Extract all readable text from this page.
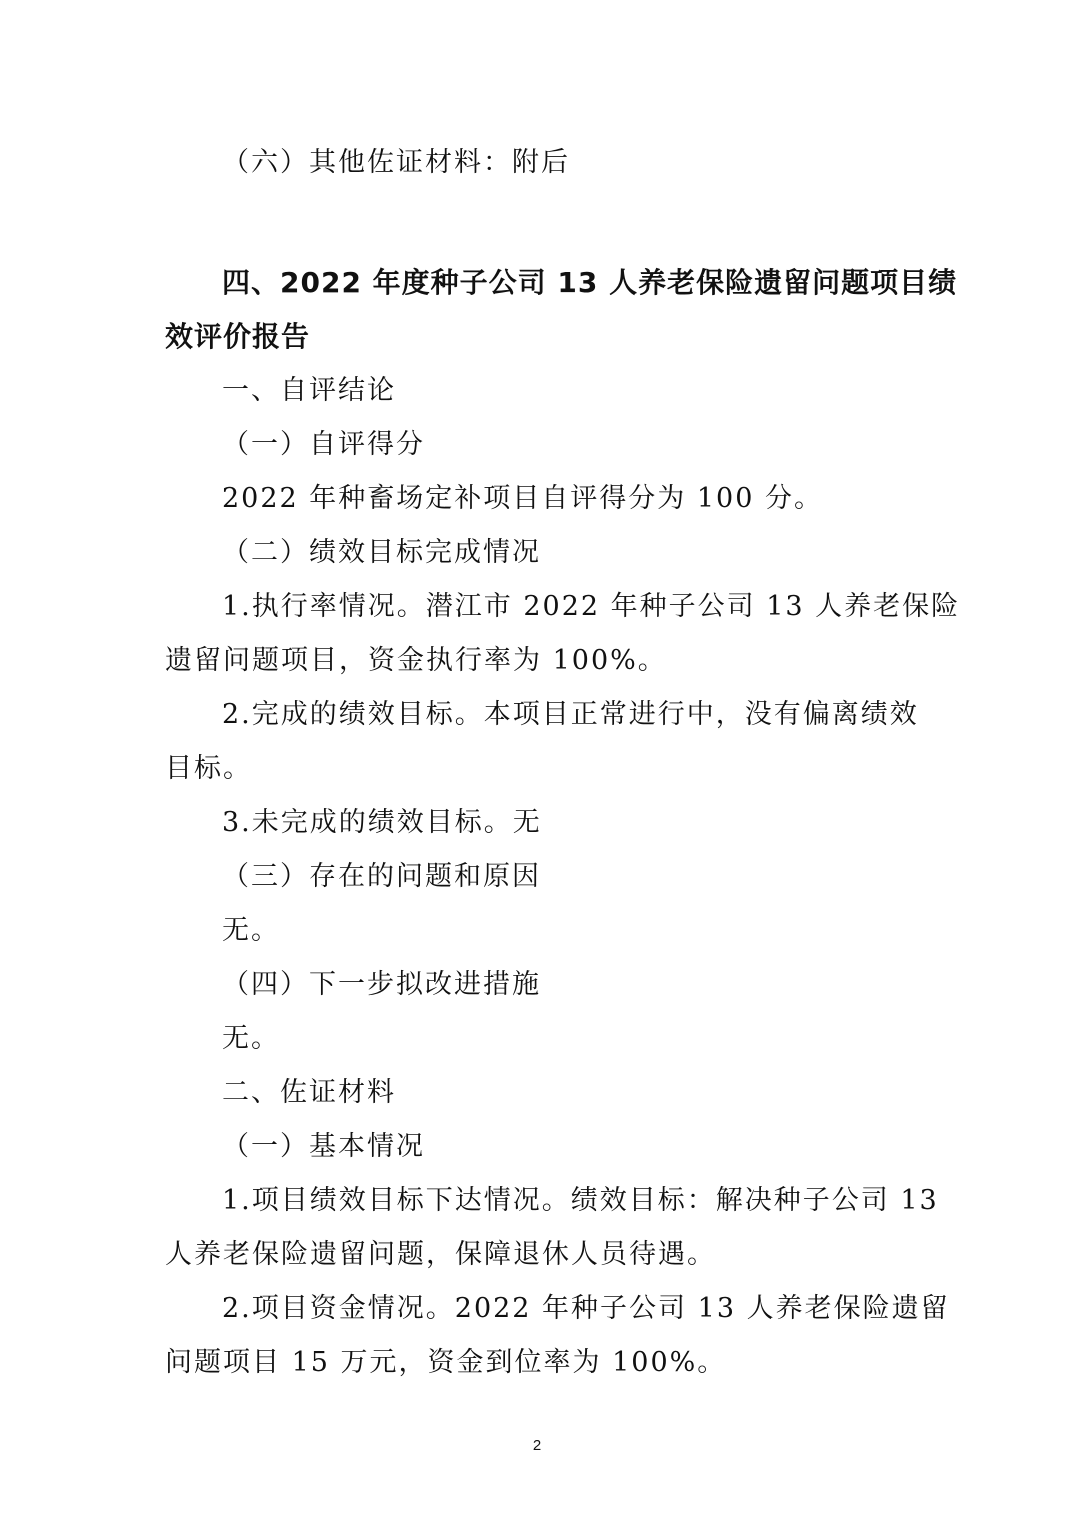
（六）其他佐证材料：附后
四、2022 年度种子公司 13 人养老保险遗留问题项目绩
效评价报告
一、自评结论
（一）自评得分
2022 年种畜场定补项目自评得分为 100 分。
（二）绩效目标完成情况
1.执行率情况。潜江市 2022 年种子公司 13 人养老保险
遗留问题项目，资金执行率为 100%。
2.完成的绩效目标。本项目正常进行中，没有偏离绩效
目标。
3.未完成的绩效目标。无
（三）存在的问题和原因
无。
（四）下一步拟改进措施
无。
二、佐证材料
（一）基本情况
1.项目绩效目标下达情况。绩效目标：解决种子公司 13
人养老保险遗留问题，保障退休人员待遇。
2.项目资金情况。2022 年种子公司 13 人养老保险遗留
问题项目 15 万元，资金到位率为 100%。
2
